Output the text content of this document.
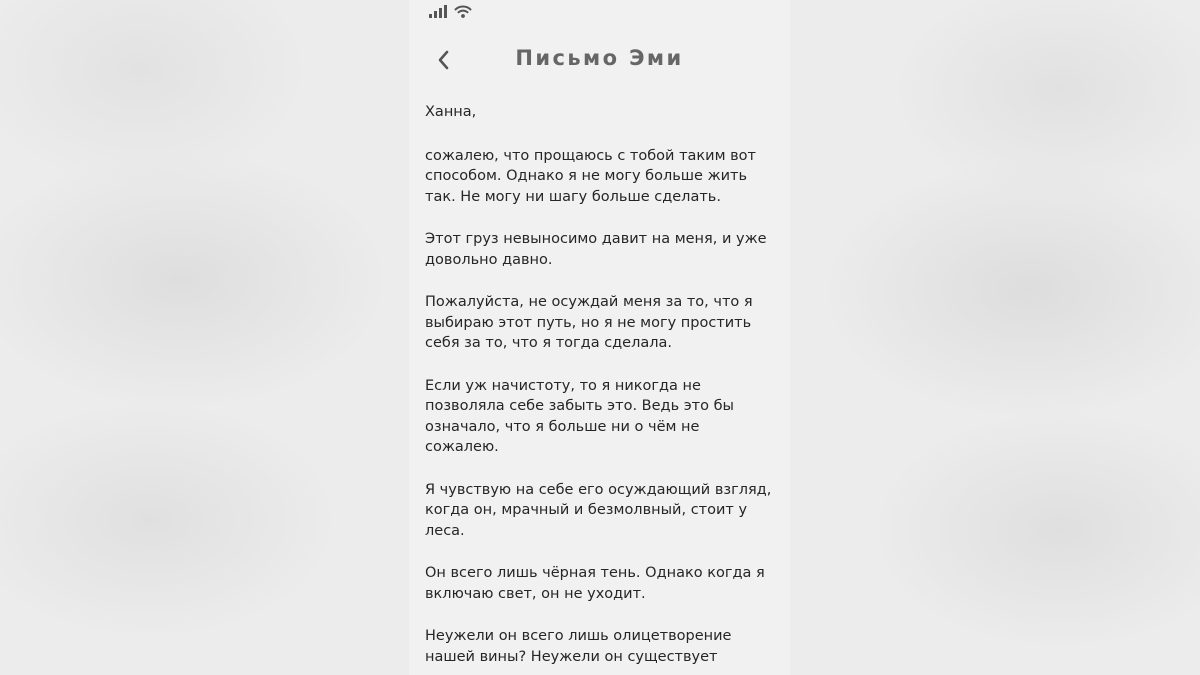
Письмо Эми

Ханна,

сожалею, что прощаюсь с тобой таким вот способом. Однако я не могу больше жить так. Не могу ни шагу больше сделать.

Этот груз невыносимо давит на меня, и уже довольно давно.

Пожалуйста, не осуждай меня за то, что я выбираю этот путь, но я не могу простить себя за то, что я тогда сделала.

Если уж начистоту, то я никогда не позволяла себе забыть это. Ведь это бы означало, что я больше ни о чём не сожалею.

Я чувствую на себе его осуждающий взгляд, когда он, мрачный и безмолвный, стоит у леса.

Он всего лишь чёрная тень. Однако когда я включаю свет, он не уходит.

Неужели он всего лишь олицетворение нашей вины? Неужели он существует
